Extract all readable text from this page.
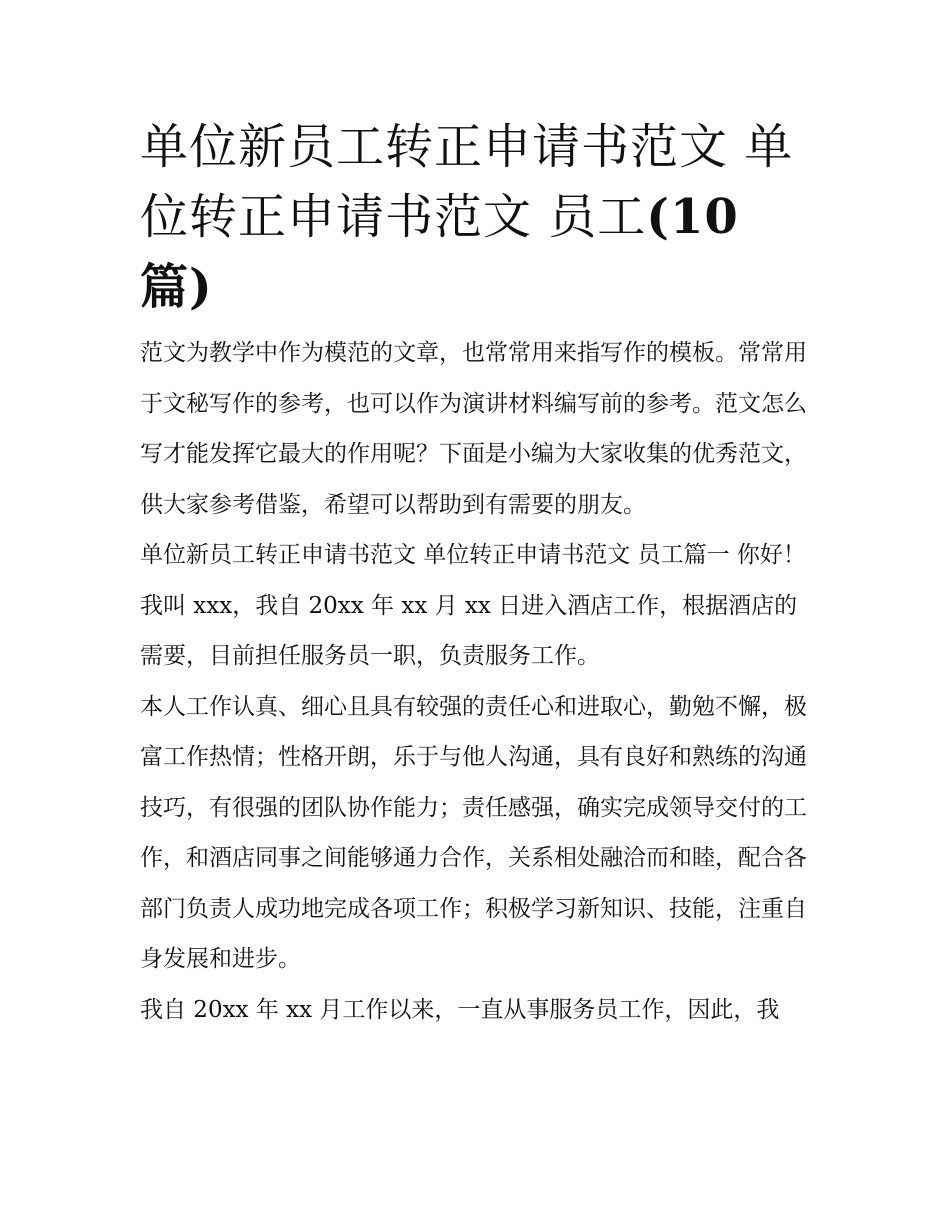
单位新员工转正申请书范文 单位转正申请书范文 员工(10 篇)

范文为教学中作为模范的文章，也常常用来指写作的模板。常常用于文秘写作的参考，也可以作为演讲材料编写前的参考。范文怎么写才能发挥它最大的作用呢？下面是小编为大家收集的优秀范文，供大家参考借鉴，希望可以帮助到有需要的朋友。

单位新员工转正申请书范文 单位转正申请书范文 员工篇一 你好！

我叫 xxx，我自 20xx 年 xx 月 xx 日进入酒店工作，根据酒店的需要，目前担任服务员一职，负责服务工作。

本人工作认真、细心且具有较强的责任心和进取心，勤勉不懈，极富工作热情；性格开朗，乐于与他人沟通，具有良好和熟练的沟通技巧，有很强的团队协作能力；责任感强，确实完成领导交付的工作，和酒店同事之间能够通力合作，关系相处融洽而和睦，配合各部门负责人成功地完成各项工作；积极学习新知识、技能，注重自身发展和进步。

我自 20xx 年 xx 月工作以来，一直从事服务员工作，因此，我
